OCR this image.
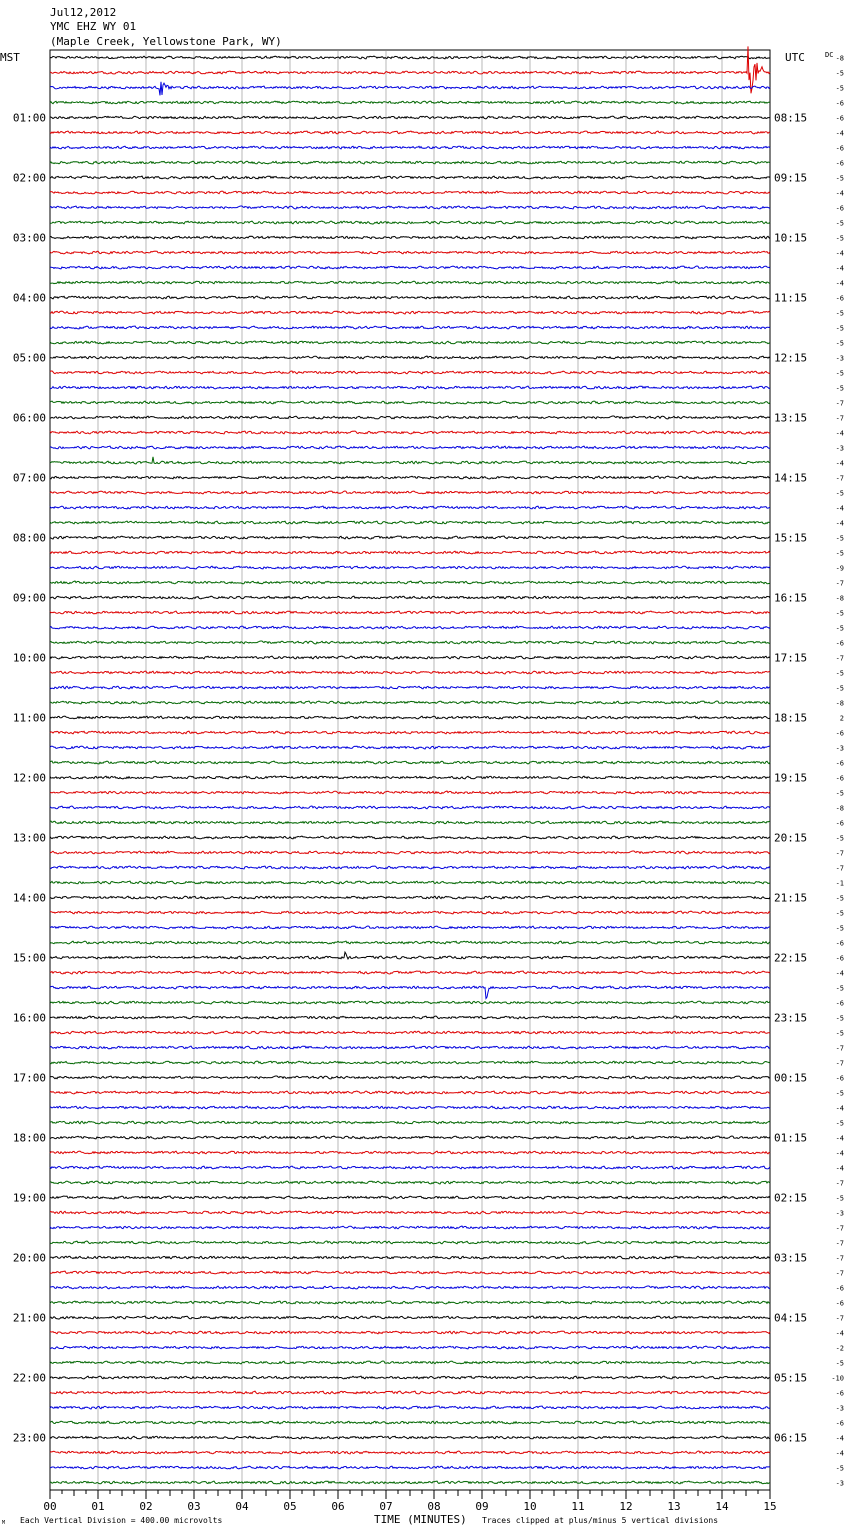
Jul12,2012
YMC EHZ WY 01
(Maple Creek, Yellowstone Park, WY)
MST	UTC	DC
01:00
02:00
03:00
04:00
05:00
06:00
07:00
08:00
09:00
10:00
11:00
12:00
13:00
14:00
15:00
16:00
17:00
18:00
19:00
20:00
21:00
22:00
23:00
08:15
09:15
10:15
11:15
12:15
13:15
14:15
15:15
16:15
17:15
18:15
19:15
20:15
21:15
22:15
23:15
00:15
01:15
02:15
03:15
04:15
05:15
06:15
-8
-5
-5
-6
-6
-4
-6
-6
-5
-4
-6
-5
-5
-4
-4
-4
-6
-5
-5
-5
-3
-5
-5
-7
-7
-4
-3
-4
-7
-5
-4
-4
-5
-5
-9
-7
-8
-5
-5
-6
-7
-5
-5
-8
2
-6
-3
-6
-6
-5
-8
-6
-5
-7
-7
-1
-5
-5
-5
-6
-6
-4
-5
-6
-5
-5
-7
-7
-6
-5
-4
-5
-4
-4
-4
-7
-5
-3
-7
-7
-7
-7
-6
-6
-7
-4
-2
-5
-10
-6
-3
-6
-4
-4
-5
-3
00	01	02	03	04	05	06	07	08	09	10	11	12	13	14	15
M Each Vertical Division = 400.00 microvolts	TIME (MINUTES) Traces clipped at plus/minus 5 vertical divisions
